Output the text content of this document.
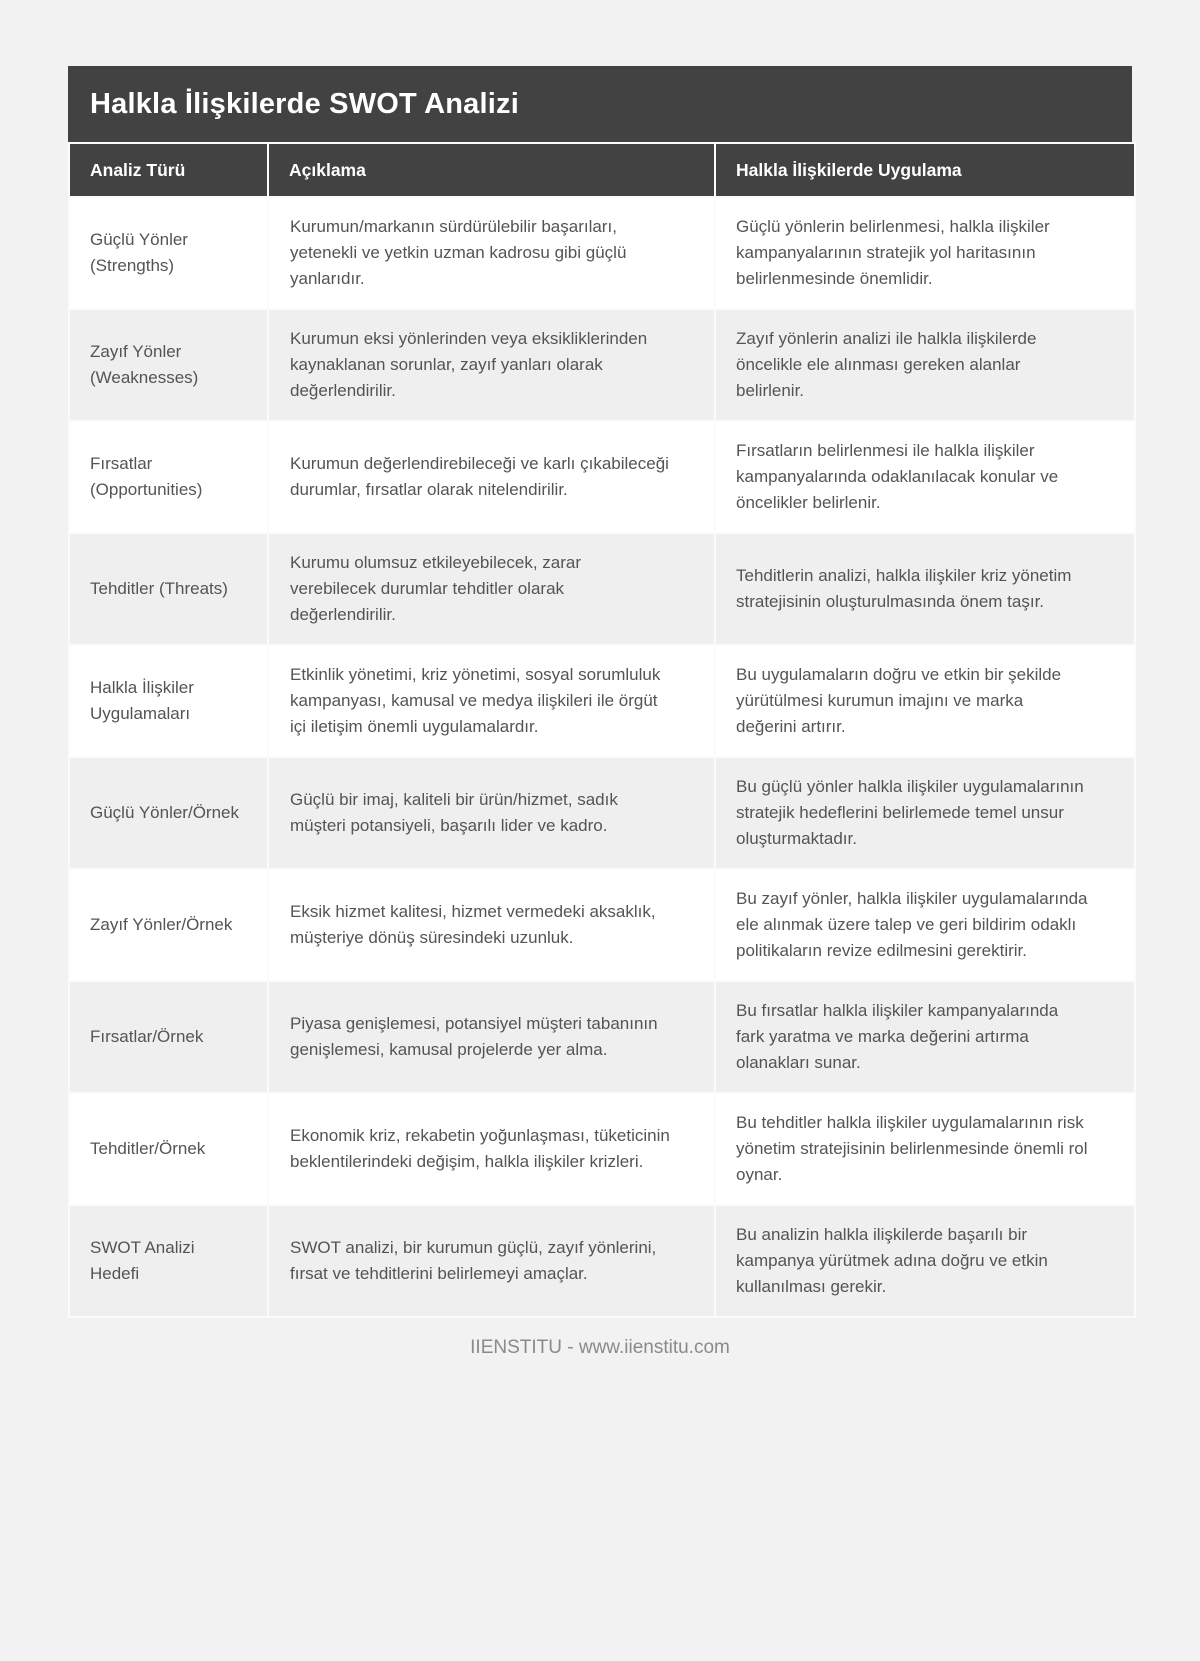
Halkla İlişkilerde SWOT Analizi
Analiz Türü	Açıklama	Halkla İlişkilerde Uygulama
Güçlü Yönler (Strengths)	Kurumun/markanın sürdürülebilir başarıları, yetenekli ve yetkin uzman kadrosu gibi güçlü yanlarıdır.	Güçlü yönlerin belirlenmesi, halkla ilişkiler kampanyalarının stratejik yol haritasının belirlenmesinde önemlidir.
Zayıf Yönler (Weaknesses)	Kurumun eksi yönlerinden veya eksikliklerinden kaynaklanan sorunlar, zayıf yanları olarak değerlendirilir.	Zayıf yönlerin analizi ile halkla ilişkilerde öncelikle ele alınması gereken alanlar belirlenir.
Fırsatlar (Opportunities)	Kurumun değerlendirebileceği ve karlı çıkabileceği durumlar, fırsatlar olarak nitelendirilir.	Fırsatların belirlenmesi ile halkla ilişkiler kampanyalarında odaklanılacak konular ve öncelikler belirlenir.
Tehditler (Threats)	Kurumu olumsuz etkileyebilecek, zarar verebilecek durumlar tehditler olarak değerlendirilir.	Tehditlerin analizi, halkla ilişkiler kriz yönetim stratejisinin oluşturulmasında önem taşır.
Halkla İlişkiler Uygulamaları	Etkinlik yönetimi, kriz yönetimi, sosyal sorumluluk kampanyası, kamusal ve medya ilişkileri ile örgüt içi iletişim önemli uygulamalardır.	Bu uygulamaların doğru ve etkin bir şekilde yürütülmesi kurumun imajını ve marka değerini artırır.
Güçlü Yönler/Örnek	Güçlü bir imaj, kaliteli bir ürün/hizmet, sadık müşteri potansiyeli, başarılı lider ve kadro.	Bu güçlü yönler halkla ilişkiler uygulamalarının stratejik hedeflerini belirlemede temel unsur oluşturmaktadır.
Zayıf Yönler/Örnek	Eksik hizmet kalitesi, hizmet vermedeki aksaklık, müşteriye dönüş süresindeki uzunluk.	Bu zayıf yönler, halkla ilişkiler uygulamalarında ele alınmak üzere talep ve geri bildirim odaklı politikaların revize edilmesini gerektirir.
Fırsatlar/Örnek	Piyasa genişlemesi, potansiyel müşteri tabanının genişlemesi, kamusal projelerde yer alma.	Bu fırsatlar halkla ilişkiler kampanyalarında fark yaratma ve marka değerini artırma olanakları sunar.
Tehditler/Örnek	Ekonomik kriz, rekabetin yoğunlaşması, tüketicinin beklentilerindeki değişim, halkla ilişkiler krizleri.	Bu tehditler halkla ilişkiler uygulamalarının risk yönetim stratejisinin belirlenmesinde önemli rol oynar.
SWOT Analizi Hedefi	SWOT analizi, bir kurumun güçlü, zayıf yönlerini, fırsat ve tehditlerini belirlemeyi amaçlar.	Bu analizin halkla ilişkilerde başarılı bir kampanya yürütmek adına doğru ve etkin kullanılması gerekir.
IIENSTITU - www.iienstitu.com
